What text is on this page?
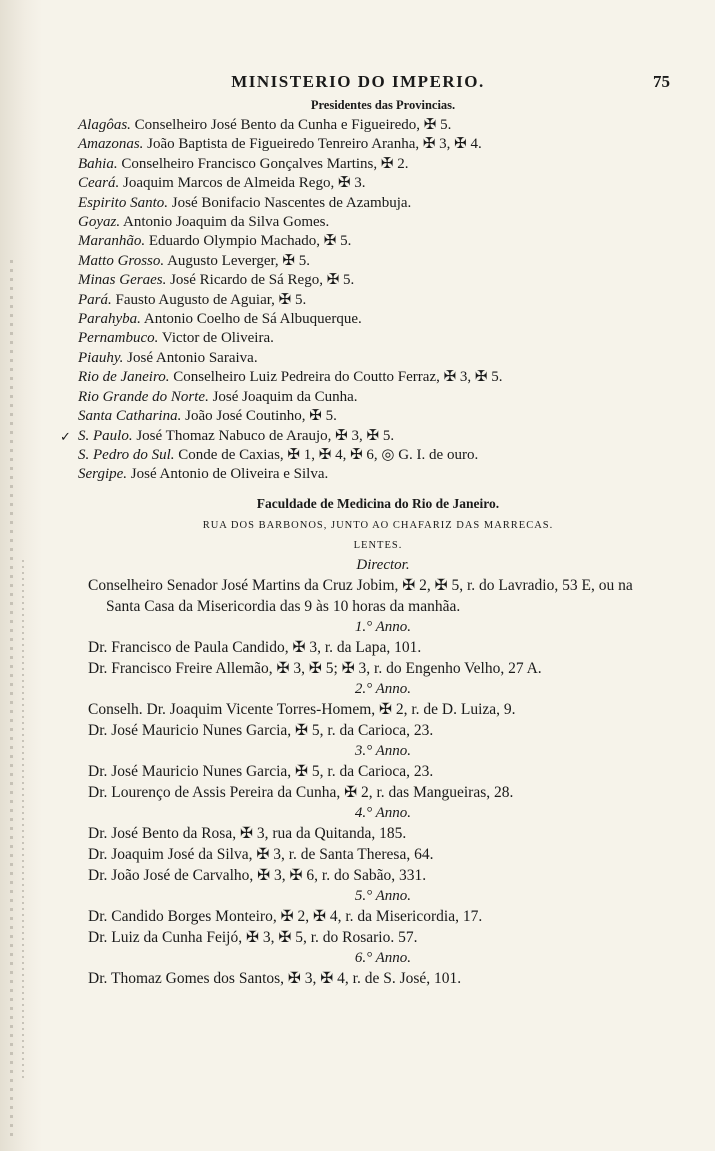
MINISTERIO DO IMPERIO.	75
Presidentes das Provincias.
Alagôas. Conselheiro José Bento da Cunha e Figueiredo, ✠ 5.
Amazonas. João Baptista de Figueiredo Tenreiro Aranha, ✠ 3, ✠ 4.
Bahia. Conselheiro Francisco Gonçalves Martins, ✠ 2.
Ceará. Joaquim Marcos de Almeida Rego, ✠ 3.
Espirito Santo. José Bonifacio Nascentes de Azambuja.
Goyaz. Antonio Joaquim da Silva Gomes.
Maranhão. Eduardo Olympio Machado, ✠ 5.
Matto Grosso. Augusto Leverger, ✠ 5.
Minas Geraes. José Ricardo de Sá Rego, ✠ 5.
Pará. Fausto Augusto de Aguiar, ✠ 5.
Parahyba. Antonio Coelho de Sá Albuquerque.
Pernambuco. Victor de Oliveira.
Piauhy. José Antonio Saraiva.
Rio de Janeiro. Conselheiro Luiz Pedreira do Coutto Ferraz, ✠ 3, ✠ 5.
Rio Grande do Norte. José Joaquim da Cunha.
Santa Catharina. João José Coutinho, ✠ 5.
✓ S. Paulo. José Thomaz Nabuco de Araujo, ✠ 3, ✠ 5.
S. Pedro do Sul. Conde de Caxias, ✠ 1, ✠ 4, ✠ 6, ◎ G. I. de ouro.
Sergipe. José Antonio de Oliveira e Silva.
Faculdade de Medicina do Rio de Janeiro.
RUA DOS BARBONOS, JUNTO AO CHAFARIZ DAS MARRECAS.
LENTES.
Director.
Conselheiro Senador José Martins da Cruz Jobim, ✠ 2, ✠ 5, r. do Lavradio, 53 E, ou na Santa Casa da Misericordia das 9 às 10 horas da manhãa.
1.° Anno.
Dr. Francisco de Paula Candido, ✠ 3, r. da Lapa, 101.
Dr. Francisco Freire Allemão, ✠ 3, ✠ 5; ✠ 3, r. do Engenho Velho, 27 A.
2.° Anno.
Conselh. Dr. Joaquim Vicente Torres-Homem, ✠ 2, r. de D. Luiza, 9.
Dr. José Mauricio Nunes Garcia, ✠ 5, r. da Carioca, 23.
3.° Anno.
Dr. José Mauricio Nunes Garcia, ✠ 5, r. da Carioca, 23.
Dr. Lourenço de Assis Pereira da Cunha, ✠ 2, r. das Mangueiras, 28.
4.° Anno.
Dr. José Bento da Rosa, ✠ 3, rua da Quitanda, 185.
Dr. Joaquim José da Silva, ✠ 3, r. de Santa Theresa, 64.
Dr. João José de Carvalho, ✠ 3, ✠ 6, r. do Sabão, 331.
5.° Anno.
Dr. Candido Borges Monteiro, ✠ 2, ✠ 4, r. da Misericordia, 17.
Dr. Luiz da Cunha Feijó, ✠ 3, ✠ 5, r. do Rosario. 57.
6.° Anno.
Dr. Thomaz Gomes dos Santos, ✠ 3, ✠ 4, r. de S. José, 101.
